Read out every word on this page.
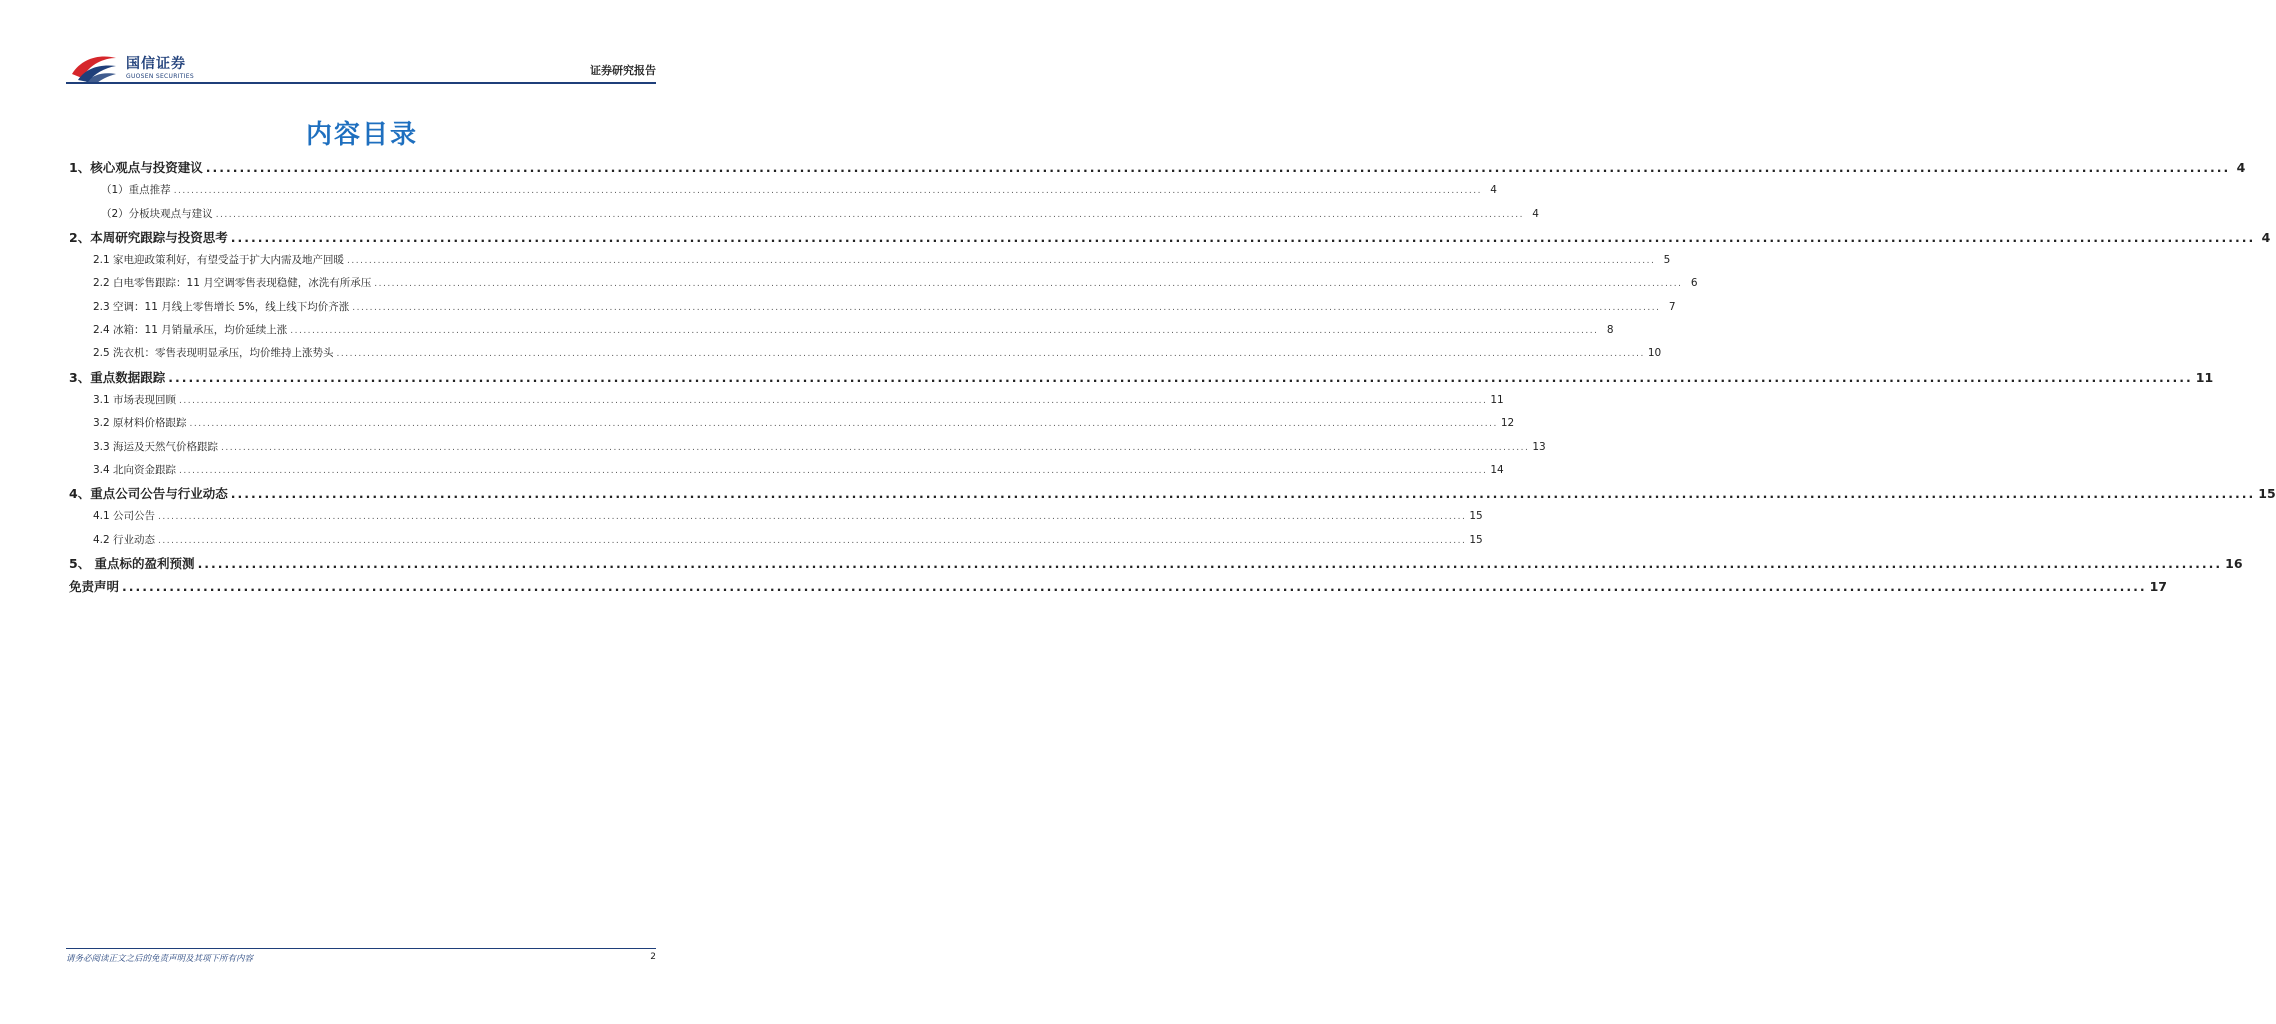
国信证券
GUOSEN SECURITIES	证券研究报告
内容目录
1、核心观点与投资建议 ............................................................................................................................................................................................................................................................................................................ 4
（1）重点推荐 ............................................................................................................................................................................................................................................................................................................ 4
（2）分板块观点与建议 ............................................................................................................................................................................................................................................................................................................ 4
2、本周研究跟踪与投资思考 ............................................................................................................................................................................................................................................................................................................ 4
2.1 家电迎政策利好，有望受益于扩大内需及地产回暖 ............................................................................................................................................................................................................................................................................................................ 5
2.2 白电零售跟踪：11 月空调零售表现稳健，冰洗有所承压 ............................................................................................................................................................................................................................................................................................................ 6
2.3 空调：11 月线上零售增长 5%，线上线下均价齐涨 ............................................................................................................................................................................................................................................................................................................ 7
2.4 冰箱：11 月销量承压，均价延续上涨 ............................................................................................................................................................................................................................................................................................................ 8
2.5 洗衣机：零售表现明显承压，均价维持上涨势头 ............................................................................................................................................................................................................................................................................................................ 10
3、重点数据跟踪 ............................................................................................................................................................................................................................................................................................................ 11
3.1 市场表现回顾 ............................................................................................................................................................................................................................................................................................................ 11
3.2 原材料价格跟踪 ............................................................................................................................................................................................................................................................................................................ 12
3.3 海运及天然气价格跟踪 ............................................................................................................................................................................................................................................................................................................ 13
3.4 北向资金跟踪 ............................................................................................................................................................................................................................................................................................................ 14
4、重点公司公告与行业动态 ............................................................................................................................................................................................................................................................................................................ 15
4.1 公司公告 ............................................................................................................................................................................................................................................................................................................ 15
4.2 行业动态 ............................................................................................................................................................................................................................................................................................................ 15
5、 重点标的盈利预测 ............................................................................................................................................................................................................................................................................................................ 16
免责声明 ............................................................................................................................................................................................................................................................................................................ 17
请务必阅读正文之后的免责声明及其项下所有内容	2
